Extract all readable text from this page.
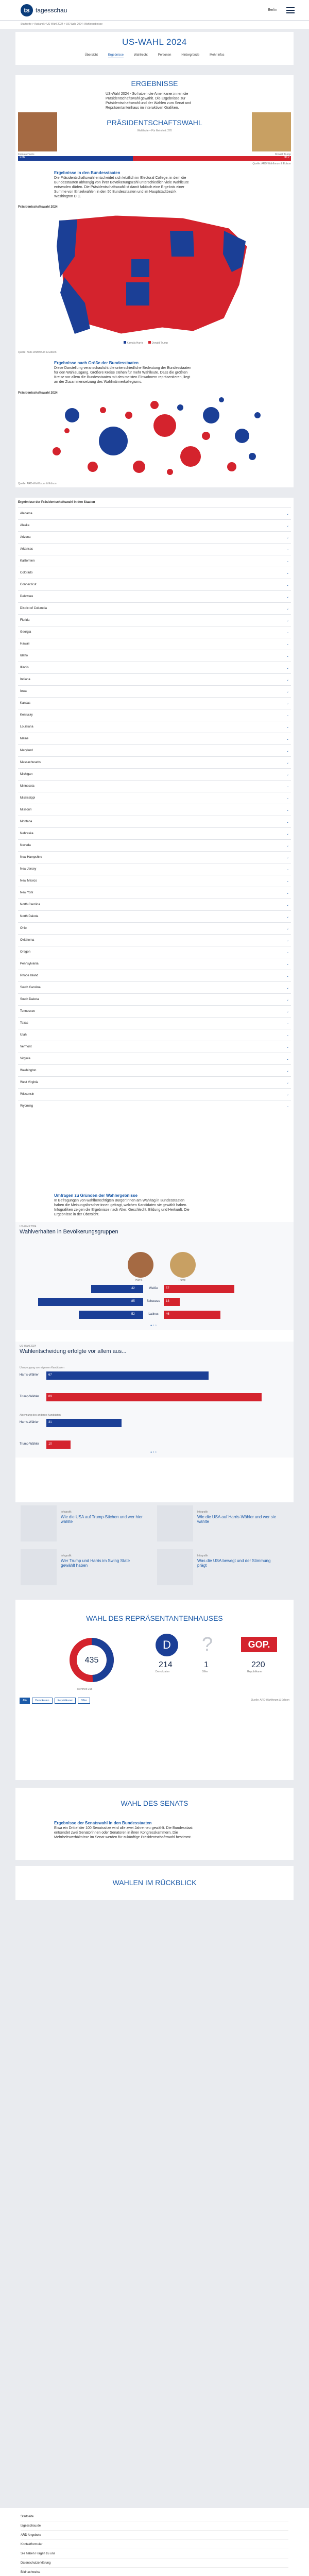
ts tagesschau	Berlin
Startseite > Ausland > US-Wahl 2024 > US-Wahl 2024: Wahlergebnisse
US-WAHL 2024
Übersicht	Ergebnisse	Wahlrecht	Personen	Hintergründe	Mehr Infos
ERGEBNISSE

US-Wahl 2024 - So haben die Amerikaner:innen die Präsidentschaftswahl gewählt. Die Ergebnisse zur Präsidentschaftswahl und der Wahlen zum Senat und Repräsentantenhaus im interaktiven Grafiken.

PRÄSIDENTSCHAFTSWAHL
Wahlleute – Für Mehrheit: 270
Kamala Harris	Donald Trump
226	312
Quelle: ARD-Wahlforum & Edison
Ergebnisse in den Bundesstaaten

Die Präsidentschaftswahl entscheidet sich letztlich im Electoral College, in dem die Bundesstaaten abhängig von ihrer Bevölkerungszahl unterschiedlich viele Wahlleute entsenden dürfen. Die Präsidentschaftswahl ist damit faktisch eine Ergebnis einer Summe von Einzelwahlen in den 50 Bundesstaaten und im Hauptstadtbezirk Washington D.C.

Präsidentschaftswahl 2024
Kamala Harris	Donald Trump
Quelle: ARD-Wahlforum & Edison
Ergebnisse nach Größe der Bundesstaaten

Diese Darstellung veranschaulicht die unterschiedliche Bedeutung der Bundesstaaten für den Wahlausgang. Größere Kreise stehen für mehr Wahlleute. Dass die größten Kreise vor allem die Bundesstaaten mit den meisten Einwohnern repräsentieren, liegt an der Zusammensetzung des Wahlmännerkollegiums.

Präsidentschaftswahl 2024
Quelle: ARD-Wahlforum & Edison
Ergebnisse der Präsidentschaftswahl in den Staaten
Alabama	⌄
Alaska	⌄
Arizona	⌄
Arkansas	⌄
Kalifornien	⌄
Colorado	⌄
Connecticut	⌄
Delaware	⌄
District of Columbia	⌄
Florida	⌄
Georgia	⌄
Hawaii	⌄
Idaho	⌄
Illinois	⌄
Indiana	⌄
Iowa	⌄
Kansas	⌄
Kentucky	⌄
Louisiana	⌄
Maine	⌄
Maryland	⌄
Massachusetts	⌄
Michigan	⌄
Minnesota	⌄
Mississippi	⌄
Missouri	⌄
Montana	⌄
Nebraska	⌄
Nevada	⌄
New Hampshire	⌄
New Jersey	⌄
New Mexico	⌄
New York	⌄
North Carolina	⌄
North Dakota	⌄
Ohio	⌄
Oklahoma	⌄
Oregon	⌄
Pennsylvania	⌄
Rhode Island	⌄
South Carolina	⌄
South Dakota	⌄
Tennessee	⌄
Texas	⌄
Utah	⌄
Vermont	⌄
Virginia	⌄
Washington	⌄
West Virginia	⌄
Wisconsin	⌄
Wyoming	⌄
Umfragen zu Gründen der Wahlergebnisse

In Befragungen von wahlberechtigten Bürger:innen am Wahltag in Bundesstaaten haben die Meinungsforscher:innen gefragt, welchen Kandidaten sie gewählt haben. Infografiken zeigen die Ergebnisse nach Alter, Geschlecht, Bildung und Herkunft. Die Ergebnisse in der Übersicht.

US-Wahl 2024
Wahlverhalten in Bevölkerungsgruppen
Harris	Trump
Weiße
42	57
Schwarze
85	13
Latinos
52	46
● ○ ○
US-Wahl 2024
Wahlentscheidung erfolgte vor allem aus...
Überzeugung von eigenem Kandidaten
Harris-Wähler	67
Trump-Wähler	89
Ablehnung des anderen Kandidaten
Harris-Wähler	31
Trump-Wähler	10
● ○ ○
Infografik
Wie die USA auf Trump-Stichen und wer hier wählte
Infografik
Wie die USA auf Harris-Wähler und wer sie wählte
Infografik
Wer Trump und Harris im Swing State gewählt haben
Infografik
Was die USA bewegt und der Stimmung prägt
WAHL DES REPRÄSENTANTENHAUSES
435
Mehrheit 218
D
214
Demokraten
?
1
Offen
GOP.
220
Republikaner
Alle	Demokraten	Republikaner	Offen	Quelle: ARD-Wahlforum & Edison
WAHL DES SENATS
Ergebnisse der Senatswahl in den Bundesstaaten

Etwa ein Drittel der 100 Senatssitze wird alle zwei Jahre neu gewählt. Die Bundesstaat entsendet zwei Senatorinnen oder Senatoren in ihren Kongresskammern. Die Mehrheitsverhältnisse im Senat werden für zukünftige Präsidentschaftswahl bestimmt.

WAHLEN IM RÜCKBLICK
Startseite
tagesschau.de
ARD Angebote
Kontaktformular
Sie haben Fragen zu uns
Datenschutzerklärung
Bildnachweise
